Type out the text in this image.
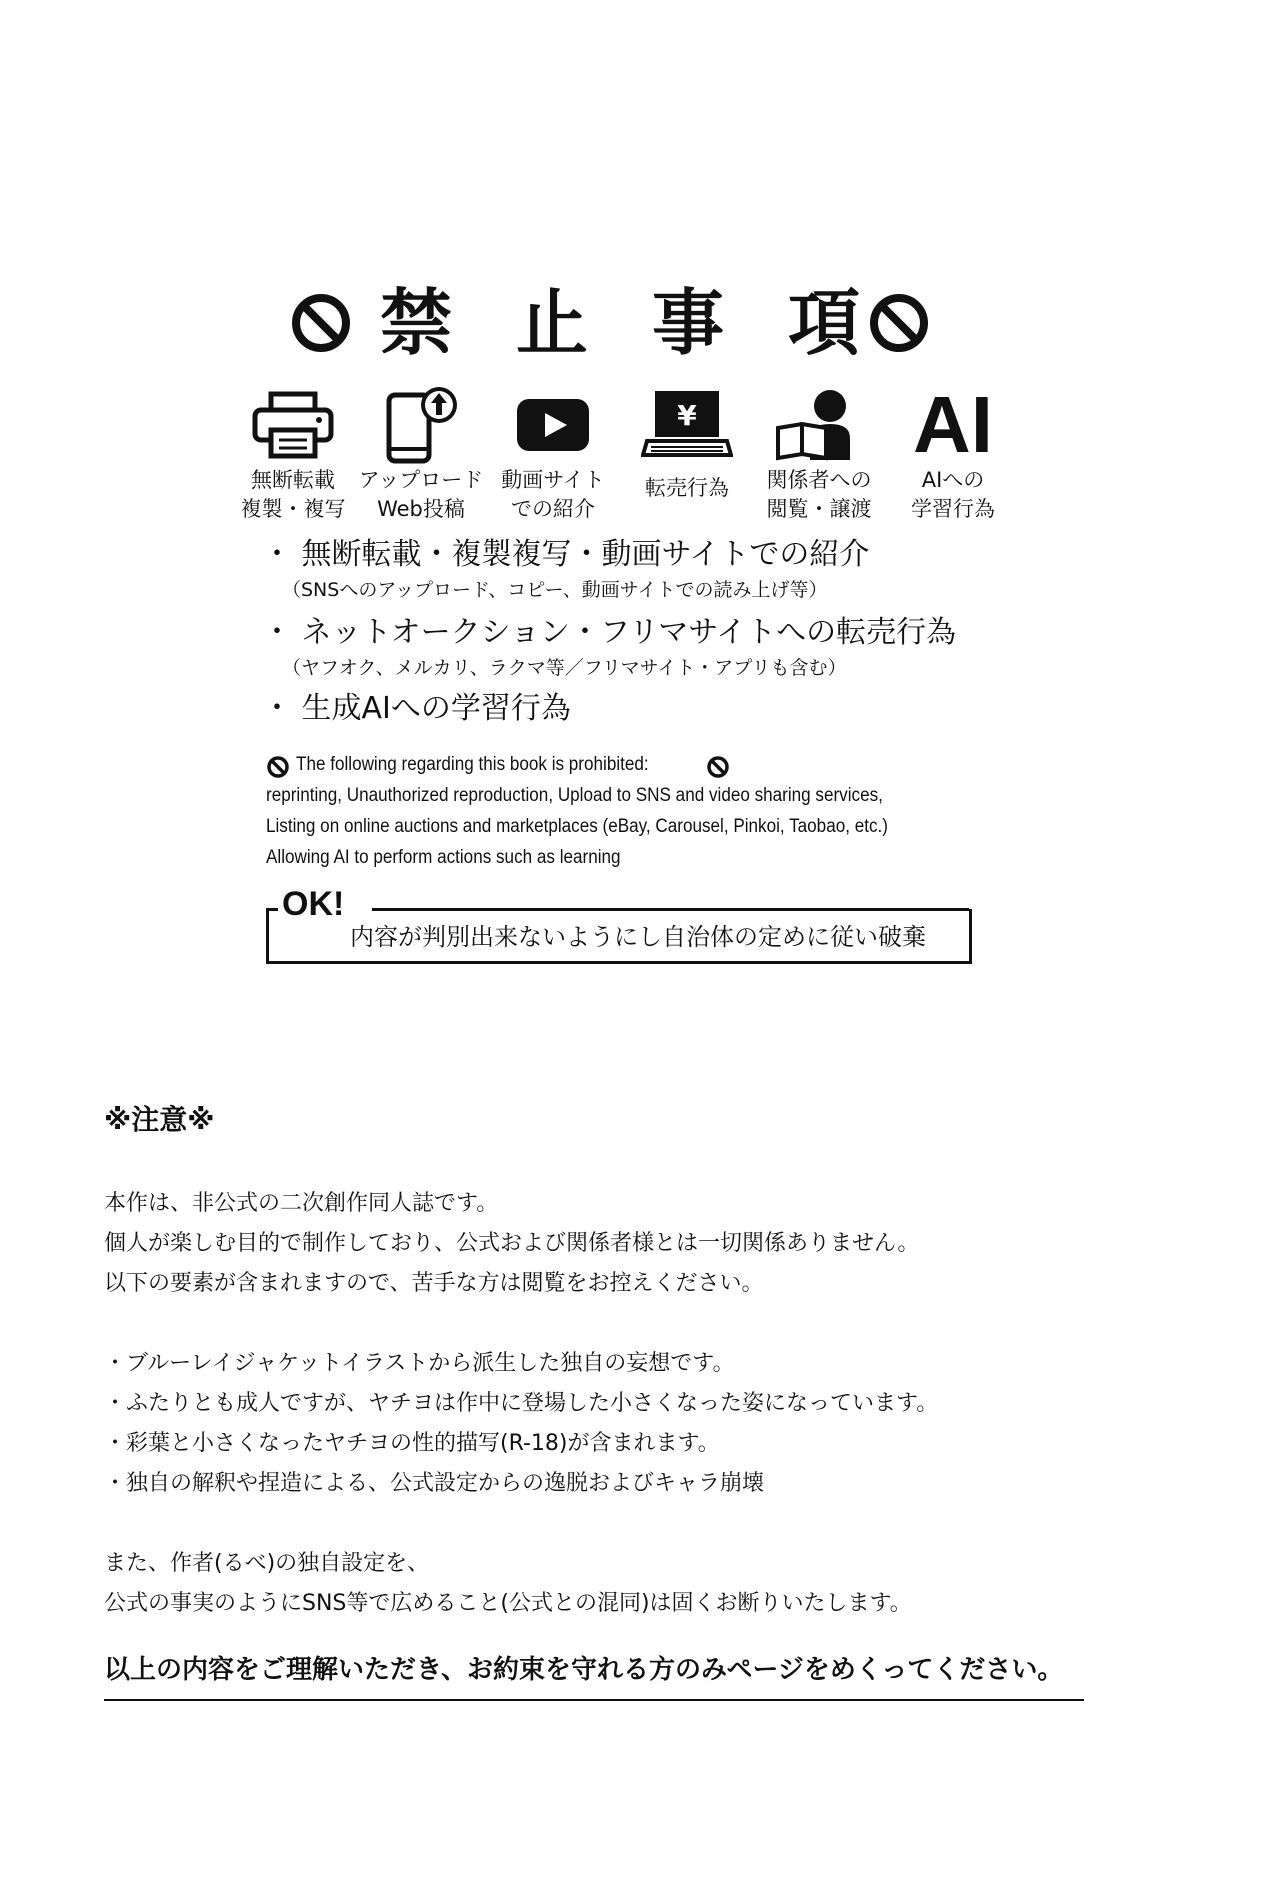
禁 止 事 項
無断転載
複製・複写
アップロード
Web投稿
動画サイト
での紹介
¥
転売行為	関係者への
閲覧・譲渡
AI
AIへの
学習行為
・ 無断転載・複製複写・動画サイトでの紹介
（SNSへのアップロード、コピー、動画サイトでの読み上げ等）
・ ネットオークション・フリマサイトへの転売行為
（ヤフオク、メルカリ、ラクマ等／フリマサイト・アプリも含む）
・ 生成AIへの学習行為
The following regarding this book is prohibited:
reprinting, Unauthorized reproduction, Upload to SNS and video sharing services,
Listing on online auctions and marketplaces (eBay, Carousel, Pinkoi, Taobao, etc.)
Allowing AI to perform actions such as learning
OK!
内容が判別出来ないようにし自治体の定めに従い破棄
※注意※
本作は、非公式の二次創作同人誌です。
個人が楽しむ目的で制作しており、公式および関係者様とは一切関係ありません。
以下の要素が含まれますので、苦手な方は閲覧をお控えください。
・ブルーレイジャケットイラストから派生した独自の妄想です。
・ふたりとも成人ですが、ヤチヨは作中に登場した小さくなった姿になっています。
・彩葉と小さくなったヤチヨの性的描写(R-18)が含まれます。
・独自の解釈や捏造による、公式設定からの逸脱およびキャラ崩壊
また、作者(るべ)の独自設定を、
公式の事実のようにSNS等で広めること(公式との混同)は固くお断りいたします。
以上の内容をご理解いただき、お約束を守れる方のみページをめくってください。
